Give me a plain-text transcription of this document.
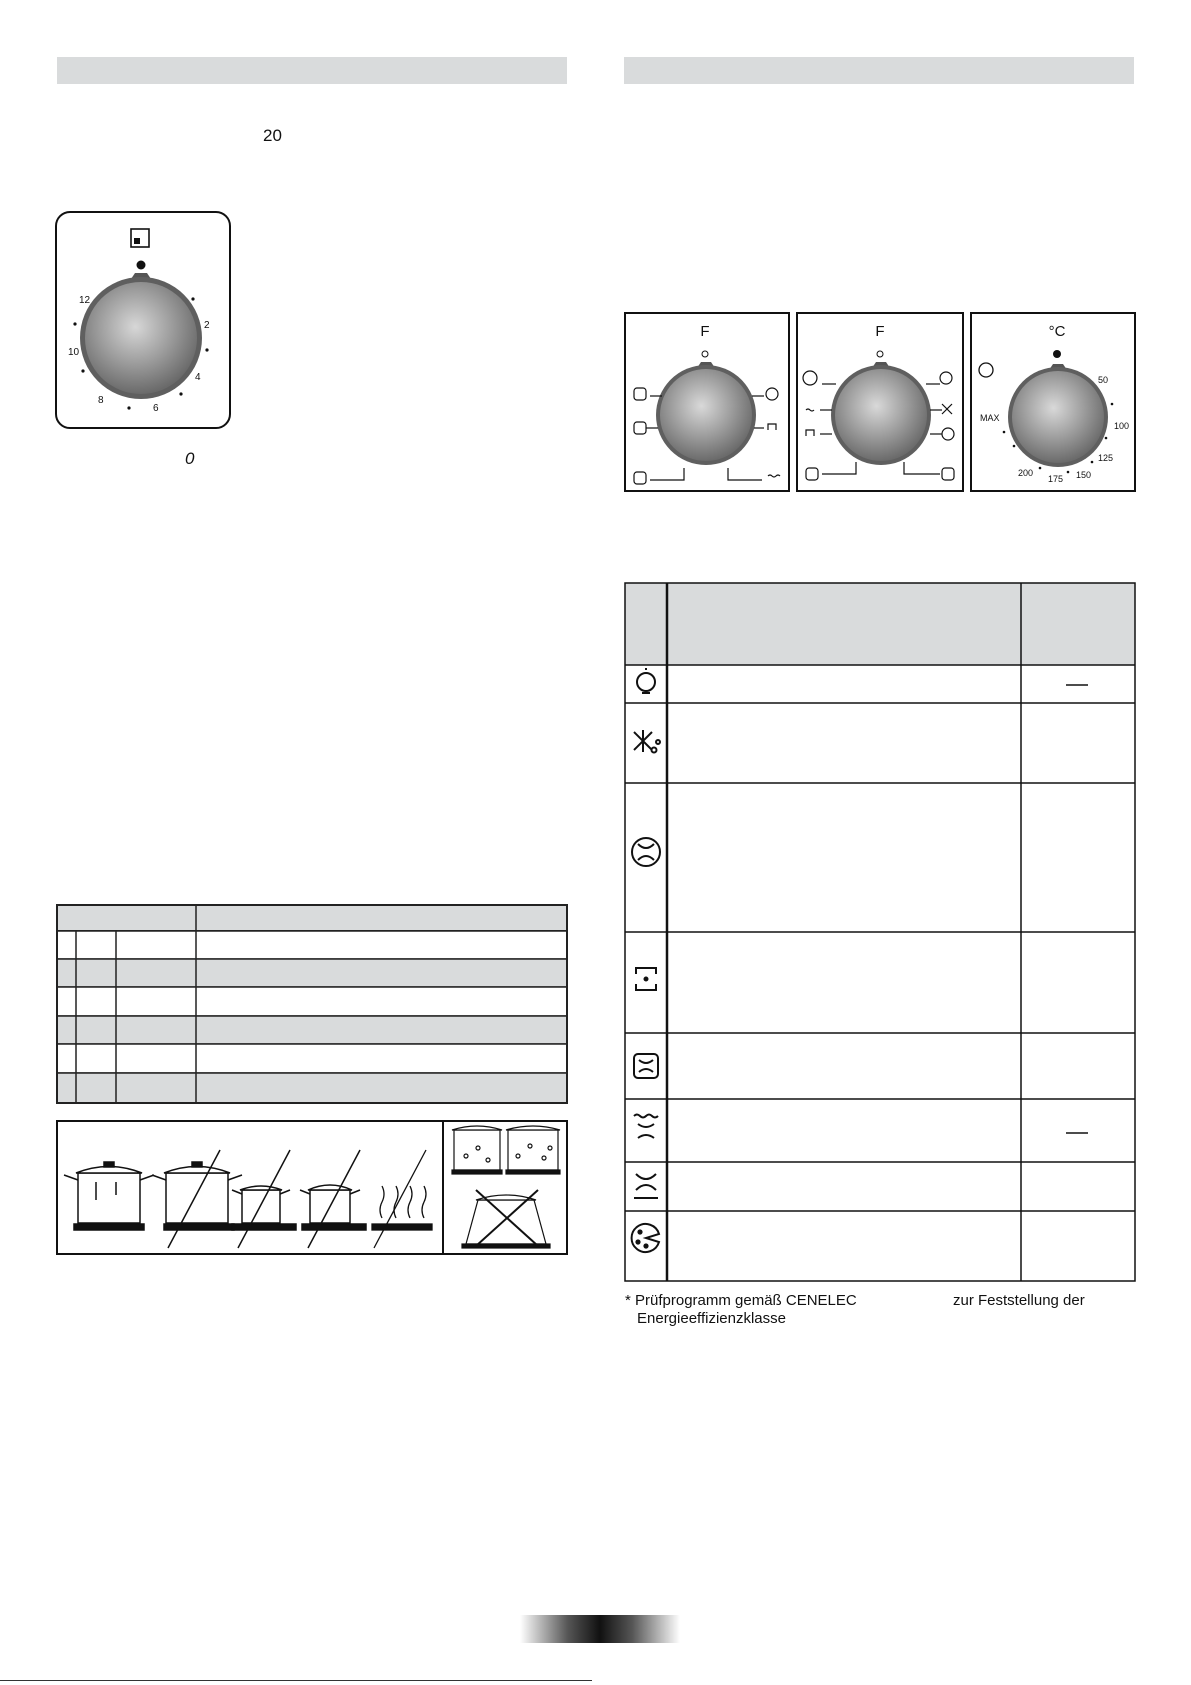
20
12
2
4
6
8
10
0
F	F	°C
50
100
125
150
175
200
MAX
* Prüfprogramm gemäß CENELEC	zur Feststellung der
Energieeffizienzklasse
